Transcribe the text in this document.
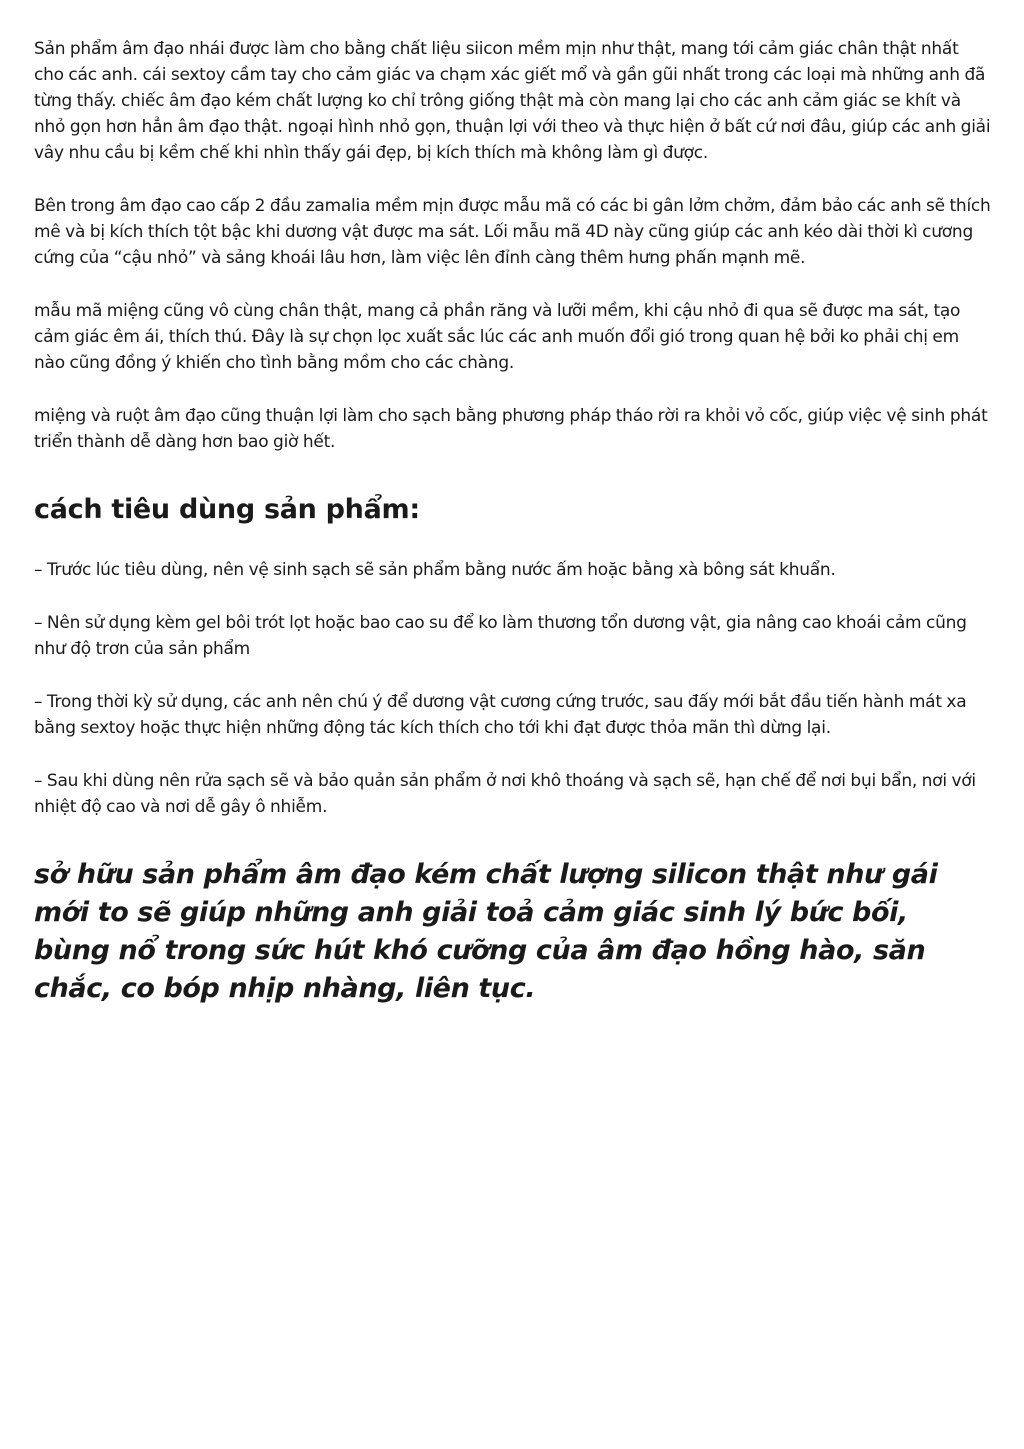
Sản phẩm âm đạo nhái được làm cho bằng chất liệu siicon mềm mịn như thật, mang tới cảm giác chân thật nhất cho các anh. cái sextoy cầm tay cho cảm giác va chạm xác giết mổ và gần gũi nhất trong các loại mà những anh đã từng thấy. chiếc âm đạo kém chất lượng ko chỉ trông giống thật mà còn mang lại cho các anh cảm giác se khít và nhỏ gọn hơn hẳn âm đạo thật. ngoại hình nhỏ gọn, thuận lợi với theo và thực hiện ở bất cứ nơi đâu, giúp các anh giải vây nhu cầu bị kềm chế khi nhìn thấy gái đẹp, bị kích thích mà không làm gì được.

Bên trong âm đạo cao cấp 2 đầu zamalia mềm mịn được mẫu mã có các bi gân lởm chởm, đảm bảo các anh sẽ thích mê và bị kích thích tột bậc khi dương vật được ma sát. Lối mẫu mã 4D này cũng giúp các anh kéo dài thời kì cương cứng của “cậu nhỏ” và sảng khoái lâu hơn, làm việc lên đỉnh càng thêm hưng phấn mạnh mẽ.

mẫu mã miệng cũng vô cùng chân thật, mang cả phần răng và lưỡi mềm, khi cậu nhỏ đi qua sẽ được ma sát, tạo cảm giác êm ái, thích thú. Đây là sự chọn lọc xuất sắc lúc các anh muốn đổi gió trong quan hệ bởi ko phải chị em nào cũng đồng ý khiến cho tình bằng mồm cho các chàng.

miệng và ruột âm đạo cũng thuận lợi làm cho sạch bằng phương pháp tháo rời ra khỏi vỏ cốc, giúp việc vệ sinh phát triển thành dễ dàng hơn bao giờ hết.

cách tiêu dùng sản phẩm:

– Trước lúc tiêu dùng, nên vệ sinh sạch sẽ sản phẩm bằng nước ấm hoặc bằng xà bông sát khuẩn.

– Nên sử dụng kèm gel bôi trót lọt hoặc bao cao su để ko làm thương tổn dương vật, gia nâng cao khoái cảm cũng như độ trơn của sản phẩm

– Trong thời kỳ sử dụng, các anh nên chú ý để dương vật cương cứng trước, sau đấy mới bắt đầu tiến hành mát xa bằng sextoy hoặc thực hiện những động tác kích thích cho tới khi đạt được thỏa mãn thì dừng lại.

– Sau khi dùng nên rửa sạch sẽ và bảo quản sản phẩm ở nơi khô thoáng và sạch sẽ, hạn chế để nơi bụi bẩn, nơi với nhiệt độ cao và nơi dễ gây ô nhiễm.

sở hữu sản phẩm âm đạo kém chất lượng silicon thật như gái mới to sẽ giúp những anh giải toả cảm giác sinh lý bức bối, bùng nổ trong sức hút khó cưỡng của âm đạo hồng hào, săn chắc, co bóp nhịp nhàng, liên tục.
